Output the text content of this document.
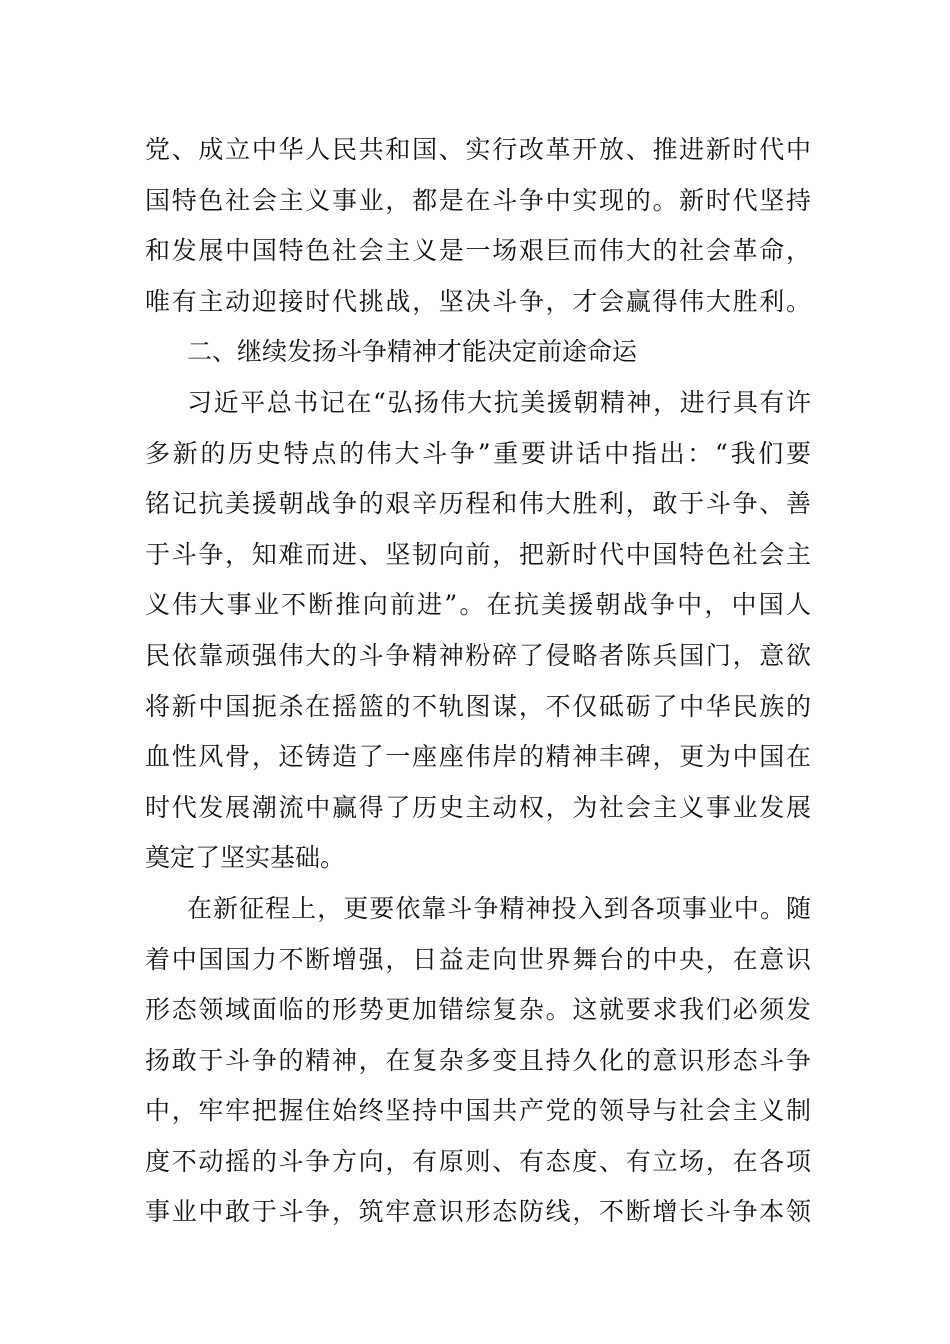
党、成立中华人民共和国、实行改革开放、推进新时代中
国特色社会主义事业，都是在斗争中实现的。新时代坚持
和发展中国特色社会主义是一场艰巨而伟大的社会革命，
唯有主动迎接时代挑战，坚决斗争，才会赢得伟大胜利。
二、继续发扬斗争精神才能决定前途命运
习近平总书记在“弘扬伟大抗美援朝精神，进行具有许
多新的历史特点的伟大斗争”重要讲话中指出：“我们要
铭记抗美援朝战争的艰辛历程和伟大胜利，敢于斗争、善
于斗争，知难而进、坚韧向前，把新时代中国特色社会主
义伟大事业不断推向前进”。在抗美援朝战争中，中国人
民依靠顽强伟大的斗争精神粉碎了侵略者陈兵国门，意欲
将新中国扼杀在摇篮的不轨图谋，不仅砥砺了中华民族的
血性风骨，还铸造了一座座伟岸的精神丰碑，更为中国在
时代发展潮流中赢得了历史主动权，为社会主义事业发展
奠定了坚实基础。
在新征程上，更要依靠斗争精神投入到各项事业中。随
着中国国力不断增强，日益走向世界舞台的中央，在意识
形态领域面临的形势更加错综复杂。这就要求我们必须发
扬敢于斗争的精神，在复杂多变且持久化的意识形态斗争
中，牢牢把握住始终坚持中国共产党的领导与社会主义制
度不动摇的斗争方向，有原则、有态度、有立场，在各项
事业中敢于斗争，筑牢意识形态防线，不断增长斗争本领
